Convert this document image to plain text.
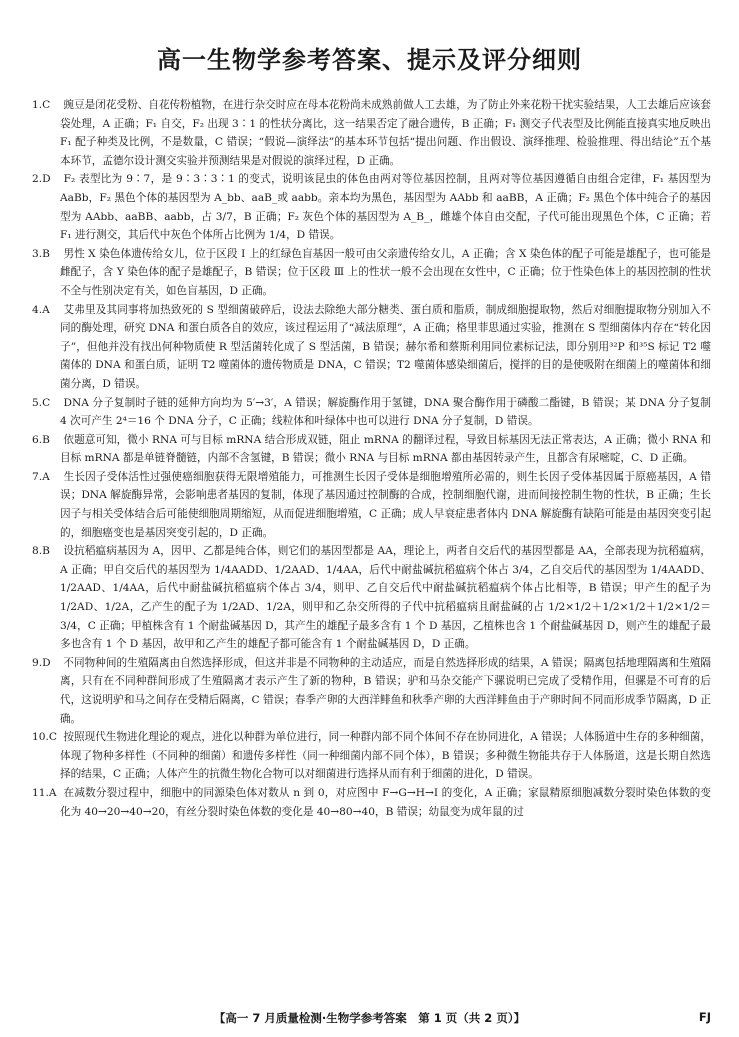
高一生物学参考答案、提示及评分细则

1.C 豌豆是闭花受粉、自花传粉植物，在进行杂交时应在母本花粉尚未成熟前做人工去雄，为了防止外来花粉干扰实验结果，人工去雄后应该套袋处理，A 正确；F₁ 自交，F₂ 出现 3∶1 的性状分离比，这一结果否定了融合遗传，B 正确；F₁ 测交子代表型及比例能直接真实地反映出 F₁ 配子种类及比例，不是数量，C 错误；“假说—演绎法”的基本环节包括“提出问题、作出假设、演绎推理、检验推理、得出结论”五个基本环节，孟德尔设计测交实验并预测结果是对假说的演绎过程，D 正确。

2.D F₂ 表型比为 9∶7，是 9∶3∶3∶1 的变式，说明该昆虫的体色由两对等位基因控制，且两对等位基因遵循自由组合定律，F₁ 基因型为 AaBb，F₂ 黑色个体的基因型为 A_bb、aaB_或 aabb。亲本均为黑色，基因型为 AAbb 和 aaBB，A 正确；F₂ 黑色个体中纯合子的基因型为 AAbb、aaBB、aabb，占 3/7，B 正确；F₂ 灰色个体的基因型为 A_B_，雌雄个体自由交配，子代可能出现黑色个体，C 正确；若 F₁ 进行测交，其后代中灰色个体所占比例为 1/4，D 错误。

3.B 男性 X 染色体遗传给女儿，位于区段 Ⅰ 上的红绿色盲基因一般可由父亲遗传给女儿，A 正确；含 X 染色体的配子可能是雄配子，也可能是雌配子，含 Y 染色体的配子是雄配子，B 错误；位于区段 Ⅲ 上的性状一般不会出现在女性中，C 正确；位于性染色体上的基因控制的性状不全与性别决定有关，如色盲基因，D 正确。

4.A 艾弗里及其同事将加热致死的 S 型细菌破碎后，设法去除绝大部分糖类、蛋白质和脂质，制成细胞提取物，然后对细胞提取物分别加入不同的酶处理，研究 DNA 和蛋白质各自的效应，该过程运用了“减法原理”，A 正确；格里菲思通过实验，推测在 S 型细菌体内存在“转化因子”，但他并没有找出何种物质使 R 型活菌转化成了 S 型活菌，B 错误；赫尔希和蔡斯利用同位素标记法，即分别用³²P 和³⁵S 标记 T2 噬菌体的 DNA 和蛋白质，证明 T2 噬菌体的遗传物质是 DNA，C 错误；T2 噬菌体感染细菌后，搅拌的目的是使吸附在细菌上的噬菌体和细菌分离，D 错误。

5.C DNA 分子复制时子链的延伸方向均为 5′→3′，A 错误；解旋酶作用于氢键，DNA 聚合酶作用于磷酸二酯键，B 错误；某 DNA 分子复制 4 次可产生 2⁴＝16 个 DNA 分子，C 正确；线粒体和叶绿体中也可以进行 DNA 分子复制，D 错误。

6.B 依题意可知，微小 RNA 可与目标 mRNA 结合形成双链，阻止 mRNA 的翻译过程，导致目标基因无法正常表达，A 正确；微小 RNA 和目标 mRNA 都是单链脊髓链，内部不含氢键，B 错误；微小 RNA 与目标 mRNA 都由基因转录产生，且都含有尿嘧啶，C、D 正确。

7.A 生长因子受体活性过强使癌细胞获得无限增殖能力，可推测生长因子受体是细胞增殖所必需的，则生长因子受体基因属于原癌基因，A 错误；DNA 解旋酶异常，会影响患者基因的复制，体现了基因通过控制酶的合成，控制细胞代谢，进而间接控制生物的性状，B 正确；生长因子与相关受体结合后可能使细胞周期缩短，从而促进细胞增殖，C 正确；成人早衰症患者体内 DNA 解旋酶有缺陷可能是由基因突变引起的，细胞癌变也是基因突变引起的，D 正确。

8.B 设抗稻瘟病基因为 A，因甲、乙都是纯合体，则它们的基因型都是 AA，理论上，两者自交后代的基因型都是 AA，全部表现为抗稻瘟病，A 正确；甲自交后代的基因型为 1/4AADD、1/2AAD、1/4AA，后代中耐盐碱抗稻瘟病个体占 3/4，乙自交后代的基因型为 1/4AADD、1/2AAD、1/4AA，后代中耐盐碱抗稻瘟病个体占 3/4，则甲、乙自交后代中耐盐碱抗稻瘟病个体占比相等，B 错误；甲产生的配子为 1/2AD、1/2A，乙产生的配子为 1/2AD、1/2A，则甲和乙杂交所得的子代中抗稻瘟病且耐盐碱的占 1/2×1/2＋1/2×1/2＋1/2×1/2＝3/4，C 正确；甲植株含有 1 个耐盐碱基因 D，其产生的雄配子最多含有 1 个 D 基因，乙植株也含 1 个耐盐碱基因 D，则产生的雄配子最多也含有 1 个 D 基因，故甲和乙产生的雄配子都可能含有 1 个耐盐碱基因 D，D 正确。

9.D 不同物种间的生殖隔离由自然选择形成，但这并非是不同物种的主动适应，而是自然选择形成的结果，A 错误；隔离包括地理隔离和生殖隔离，只有在不同种群间形成了生殖隔离才表示产生了新的物种，B 错误；驴和马杂交能产下骡说明已完成了受精作用，但骡是不可育的后代，这说明驴和马之间存在受精后隔离，C 错误；春季产卵的大西洋鲱鱼和秋季产卵的大西洋鲱鱼由于产卵时间不同而形成季节隔离，D 正确。

10.C 按照现代生物进化理论的观点，进化以种群为单位进行，同一种群内部不同个体间不存在协同进化，A 错误；人体肠道中生存的多种细菌，体现了物种多样性（不同种的细菌）和遗传多样性（同一种细菌内部不同个体），B 错误；多种微生物能共存于人体肠道，这是长期自然选择的结果，C 正确；人体产生的抗微生物化合物可以对细菌进行选择从而有利于细菌的进化，D 错误。

11.A 在减数分裂过程中，细胞中的同源染色体对数从 n 到 0，对应图中 F→G→H→I 的变化，A 正确；家鼠精原细胞减数分裂时染色体数的变化为 40→20→40→20，有丝分裂时染色体数的变化是 40→80→40，B 错误；幼鼠变为成年鼠的过

【高一 7 月质量检测·生物学参考答案　第 1 页（共 2 页）】	FJ
